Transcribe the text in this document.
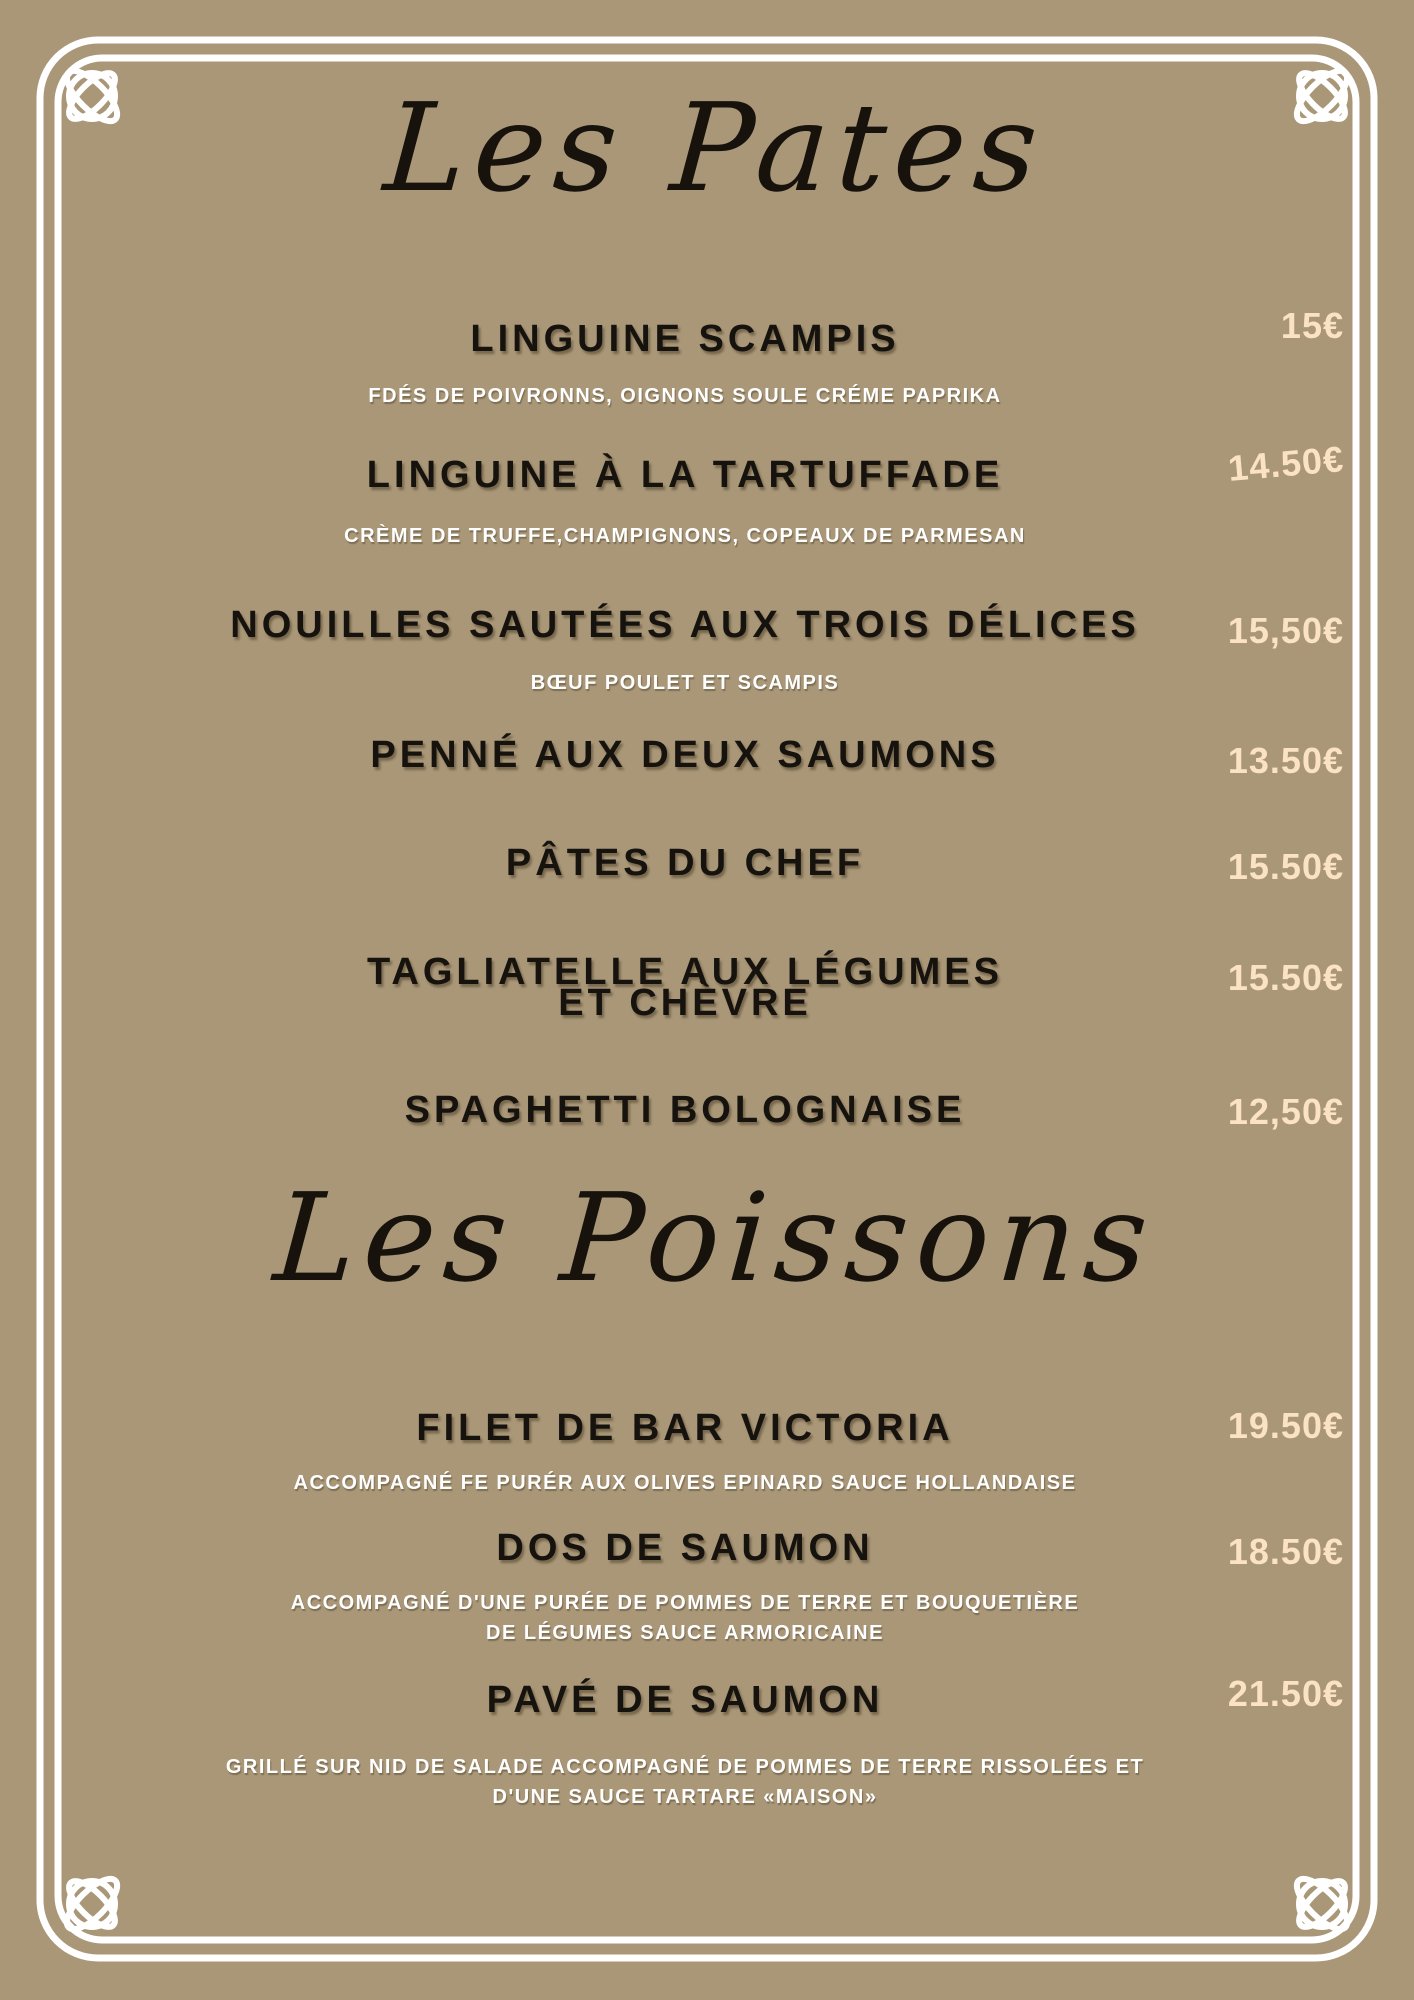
Les Pates
LINGUINE SCAMPIS
FDÉS DE POIVRONNS, OIGNONS SOULE CRÉME PAPRIKA
15€
LINGUINE À LA TARTUFFADE
CRÈME DE TRUFFE,CHAMPIGNONS, COPEAUX DE PARMESAN
14.50€
NOUILLES SAUTÉES AUX TROIS DÉLICES
BŒUF POULET ET SCAMPIS
15,50€
PENNÉ AUX DEUX SAUMONS	13.50€
PÂTES DU CHEF	15.50€
TAGLIATELLE AUX LÉGUMES
ET CHÈVRE
15.50€
SPAGHETTI BOLOGNAISE	12,50€
Les Poissons
FILET DE BAR VICTORIA
ACCOMPAGNÉ FE PURÉR AUX OLIVES EPINARD SAUCE HOLLANDAISE
19.50€
DOS DE SAUMON
ACCOMPAGNÉ D'UNE PURÉE DE POMMES DE TERRE ET BOUQUETIÈRE
DE LÉGUMES SAUCE ARMORICAINE
18.50€
PAVÉ DE SAUMON
GRILLÉ SUR NID DE SALADE ACCOMPAGNÉ DE POMMES DE TERRE RISSOLÉES ET
D'UNE SAUCE TARTARE «MAISON»
21.50€
